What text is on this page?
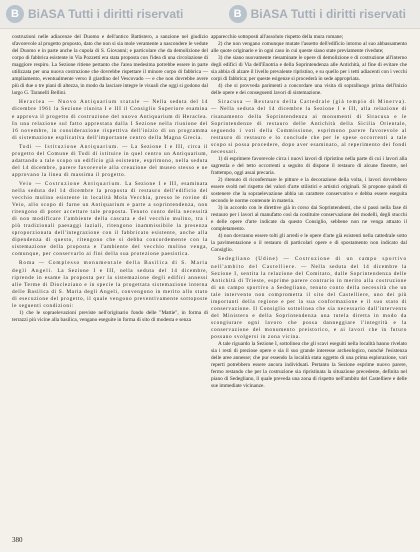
B BiASA Tutti i diritti riservati	B BiASA Tutti i diritti riservati

costruzioni nelle adiacenze del Duomo e dell'antico Battistero, a sanzione nel giudizio sfavorevole al progetto proposto, dato che non si sia mole veramente a nascondere le vedute del Duomo e in parte anche la cupola di S. Giovanni; e particolare che da demolizione del corpo di fabbrica esistente in Via Pozzetti era stata proposta con l'idea di una circolazione di maggiore respiro. La Sezione ritiene pertanto che l'area medesima potrebbe essere in parte utilizzata per una nuova costruzione che dovrebbe rispettare il minore corpo di fabbrica — ampliamento, eventualmente verso il giardino del Vescovado — e che non dovrebbe avere più di due o tre piani di altezza, in modo da lasciare integre le visuali che oggi si godono dal largo G. Taranelli Bellini.

Heraclea — Nuovo Antiquarium statale — Nella seduta del 14 dicembre 1961 la Sezione riunita I e III il Consiglio Superiore esamina e approva il progetto di costruzione del nuovo Antiquarium di Heraclea. In una relazione sul fatto apprestata dalla I Sezione nella riunione del 16 novembre, in considerazione rispettiva dell'inizio di un programma di sistemazione esplicativa dell'importante centro della Magna Grecia.

Todi — Istituzione Antiquarium. — La Sezione I e III, circa il progetto del Comune di Todi di istituire in quel centro un Antiquarium, adattando a tale scopo un edificio già esistente, esprimono, nella seduta del 14 dicembre, parere favorevole alla creazione del museo stesso e ne approvano la linea di massima il progetto.

Veio — Costruzione Antiquarium. La Sezione I e III, esaminata nella seduta del 14 dicembre la proposta di restauro dell'edificio del vecchio mulino esistente in località Mola Vecchia, presso le rovine di Veio, allo scopo di farne un Antiquarium e parte a soprintendenza, non ritengono di poter accettare tale proposta. Tenuto conto della necessità di non modificare l'ambiente della cascata e del vecchio mulino, tra i più tradizionali paesaggi laziali, ritengono inammissibile la presenza sproporzionata dell'integrazione con il fabbricato esistente, anche alla dipendenza di questo, ritengono che si debba concordemente con la sistemazione della proposta e l'ambiente del vecchio mulino venga, comunque, per conservarlo ai fini della sua protezione paesistica.

Roma — Complesso monumentale della Basilica di S. Maria degli Angeli. La Sezione I e III, nella seduta del 14 dicembre, riprende in esame la proposta per la sistemazione degli edifici annessi alle Terme di Diocleziano e in specie la progettata sistemazione interna delle Basilica di S. Maria degli Angeli, convengono in merito allo stato di esecuzione del progetto, il quale vengono preventivamente sottoposte le seguenti condizioni:

1) che le sopraelevazioni previste nell'originario fondo delle "Mattie", in forma di terrazzi più vicine alla basilica, vengano eseguite in forma di sito di modesta e senza

apparecchio sottoposti all'assoluto rispetto della mura romane;

2) che non vengano comunque mutate l'assetto dell'edificio intorno al suo abbassamento alle quote originarie e in ogni caso in cui queste siano state previamente rivedute;

3) che siano nuovamente riesaminate le opere di demolizione e di costruzione all'interno degli edifici di Via dell'Enotria e della Soprintendenza alle Antichità, al fine di evitare che sia abbia di alzare il livello prevalente ripristino, e su quello per i tetti adiacenti con i vecchi corpi di fabbrica; per queste esigenze si procederà in sede appropriata.

4) che si provveda parimenti a concordare una visita di sopralluogo prima dell'inizio delle opere e dei conseguenti lavori di sistemazione.

Siracusa — Restauro della Cattedrale (già tempio di Minerva). — Nella seduta del 14 dicembre la Sezione I e III, alla relazione di risanamento della Soprintendenza ai monumenti di Siracusa e le Soprintendenze di restauro delle Antichità della Sicilia Orientale, seguendo i voti della Commissione, esprimono parere favorevole al restauro di restauro e lo conclude che per le spese occorrenti a tale scopo si possa procedere, dopo aver esaminato, al reperimento dei fondi necessari.

1) di esprimere favorevole circa i nuovi lavori di ripristino nella parte di cui i lavori alla sagrestia e del tetto occorrenti a seguito di dispone il restauro di alcune finestre, nel frattempo, oggi assai precaria.

2) ritenuto di riconfermare le pitture e la decorazione della volta, i lavori dovrebbero essere svolti nel rispetto dei valori d'arte stilistici e artistici originali. Si propone quindi di sostenere che la sopraelevazione abbia un carattere conservativo e debba essere eseguita secondo le norme contenute in materia.

3) in accordo con le direttive già in corso dai Soprintendenti, che si passi nella fase di restauro per i lavori al manufatto così da costituire conservazione dei modelli, degli stucchi e delle opere d'arte indicate da questo Consiglio, sebbene non ne venga attuato il completamento.

4) non dovranno essere tolti gli arredi e le opere d'arte già esistenti nella cattedrale sotto la pavimentazione o il restauro di particolari opere e di spostamento non indicato dal Consiglio.

Sedegliano (Udine) — Costruzione di un campo sportivo nell'ambito del Castelliere. — Nella seduta del 14 dicembre la Sezione I, sentita la relazione del Comitato, dalle Soprintendenza delle Antichità di Trieste, esprime parere contrario in merito alla costruzione di un campo sportivo a Sedegliano, tenuto conto della necessità che un tale intervento non comprometta il sito del Castelliere, uno dei più importanti della regione e per la sua conformazione e il suo stato di conservazione. Il Consiglio sottolinea che sia necessario dall'intervento del Ministero e della Soprintendenza una tutela diretta in modo da scongiurare ogni lavoro che possa danneggiare l'integrità e la conservazione del monumento preistorico, e ai lavori che in futuro possano svolgersi in zona vicina.

A tale riguardo la Sezione I, sottolinea che gli scavi eseguiti nella località hanno rivelato sia i resti di preziose opere e sia il suo grande interesse archeologico, nonché l'esistenza delle aree annesse; che pur essendo la località stata oggetto di una prima esplorazione, vari reperti potrebbero essere ancora individuati. Pertanto la Sezione esprime nuovo parere, fermo restando che per la costruzione sia ripristinata la situazione precedente, definita nel piano di Sedegliano, il quale preveda una zona di rispetto nell'ambito del Castelliere e delle sue immediate vicinanze.

380
